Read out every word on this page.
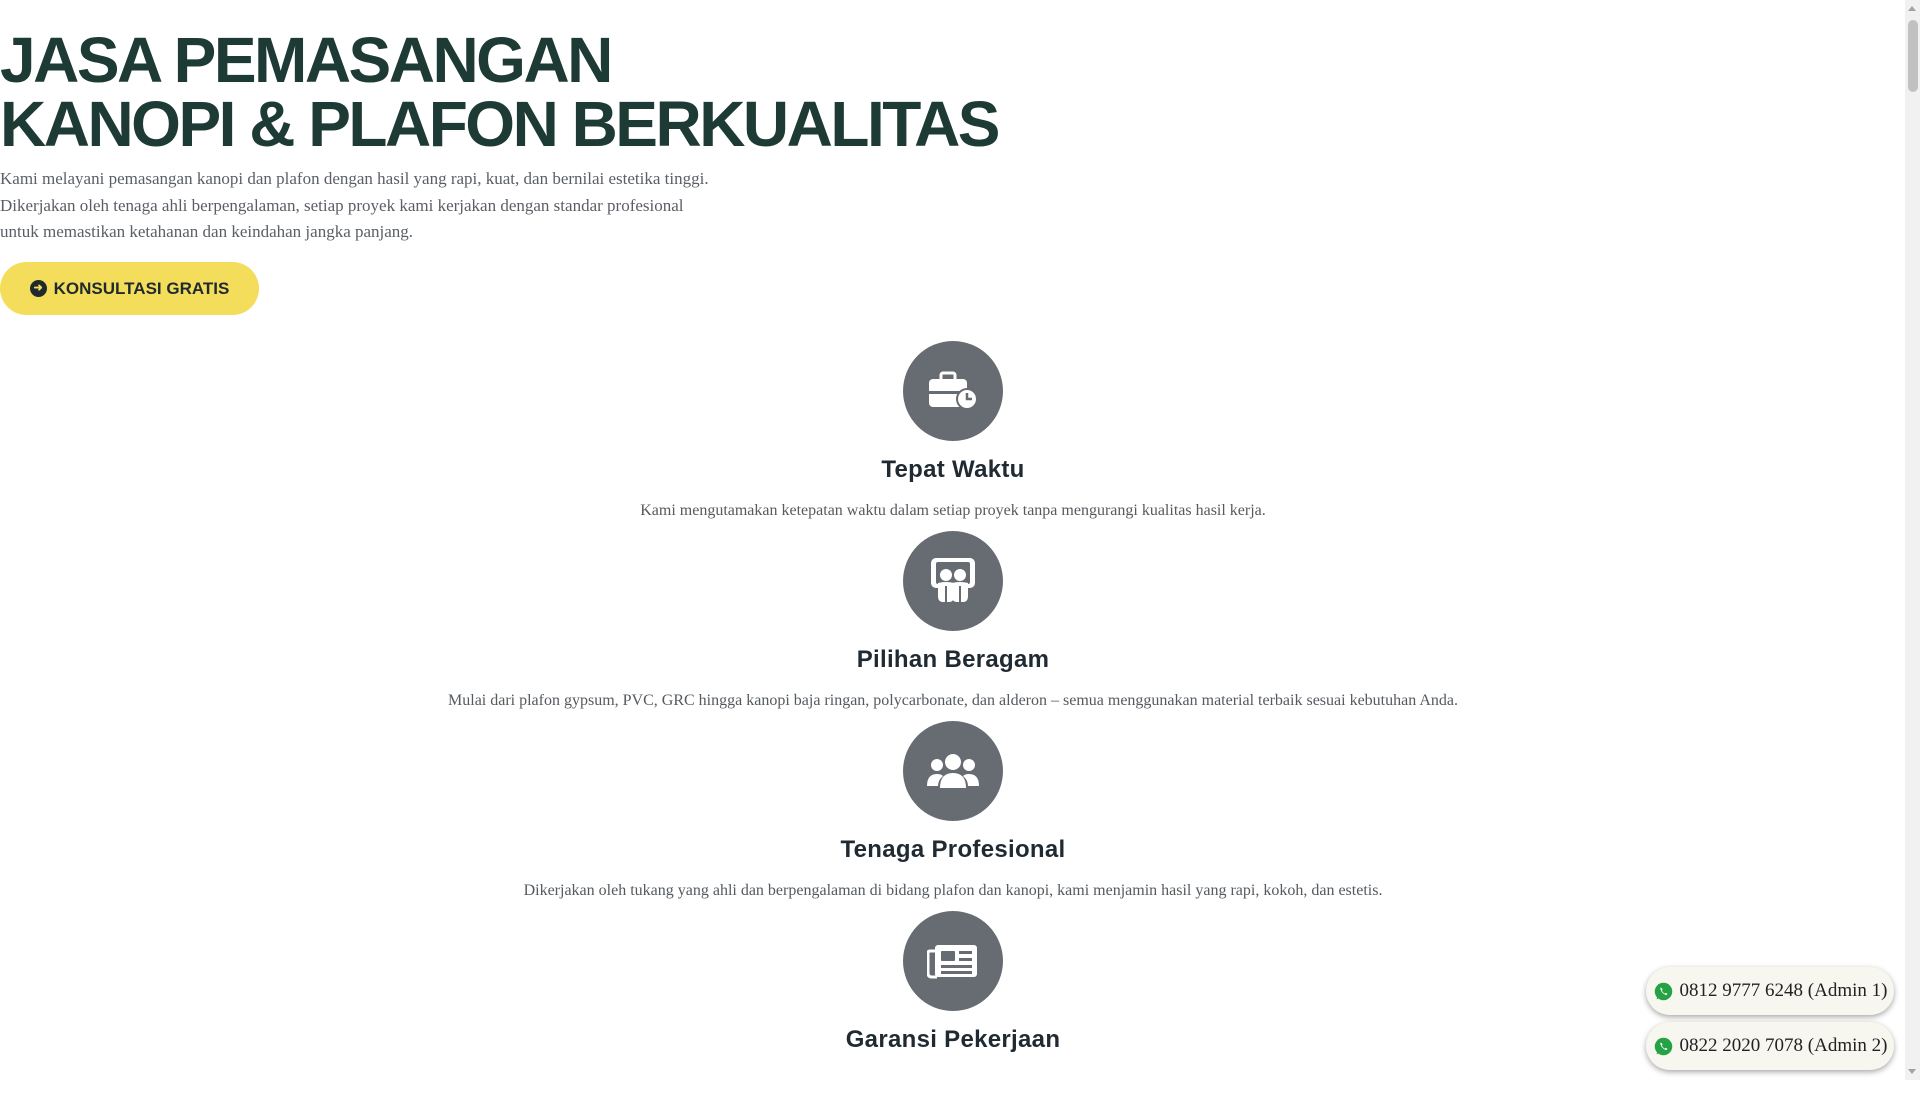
JASA PEMASANGAN
KANOPI & PLAFON BERKUALITAS

Kami melayani pemasangan kanopi dan plafon dengan hasil yang rapi, kuat, dan bernilai estetika tinggi.

Dikerjakan oleh tenaga ahli berpengalaman, setiap proyek kami kerjakan dengan standar profesional

untuk memastikan ketahanan dan keindahan jangka panjang.

➜ KONSULTASI GRATIS
Tepat Waktu

Kami mengutamakan ketepatan waktu dalam setiap proyek tanpa mengurangi kualitas hasil kerja.

Pilihan Beragam

Mulai dari plafon gypsum, PVC, GRC hingga kanopi baja ringan, polycarbonate, dan alderon – semua menggunakan material terbaik sesuai kebutuhan Anda.

Tenaga Profesional

Dikerjakan oleh tukang yang ahli dan berpengalaman di bidang plafon dan kanopi, kami menjamin hasil yang rapi, kokoh, dan estetis.

Garansi Pekerjaan

0812 9777 6248 (Admin 1)
0822 2020 7078 (Admin 2)
